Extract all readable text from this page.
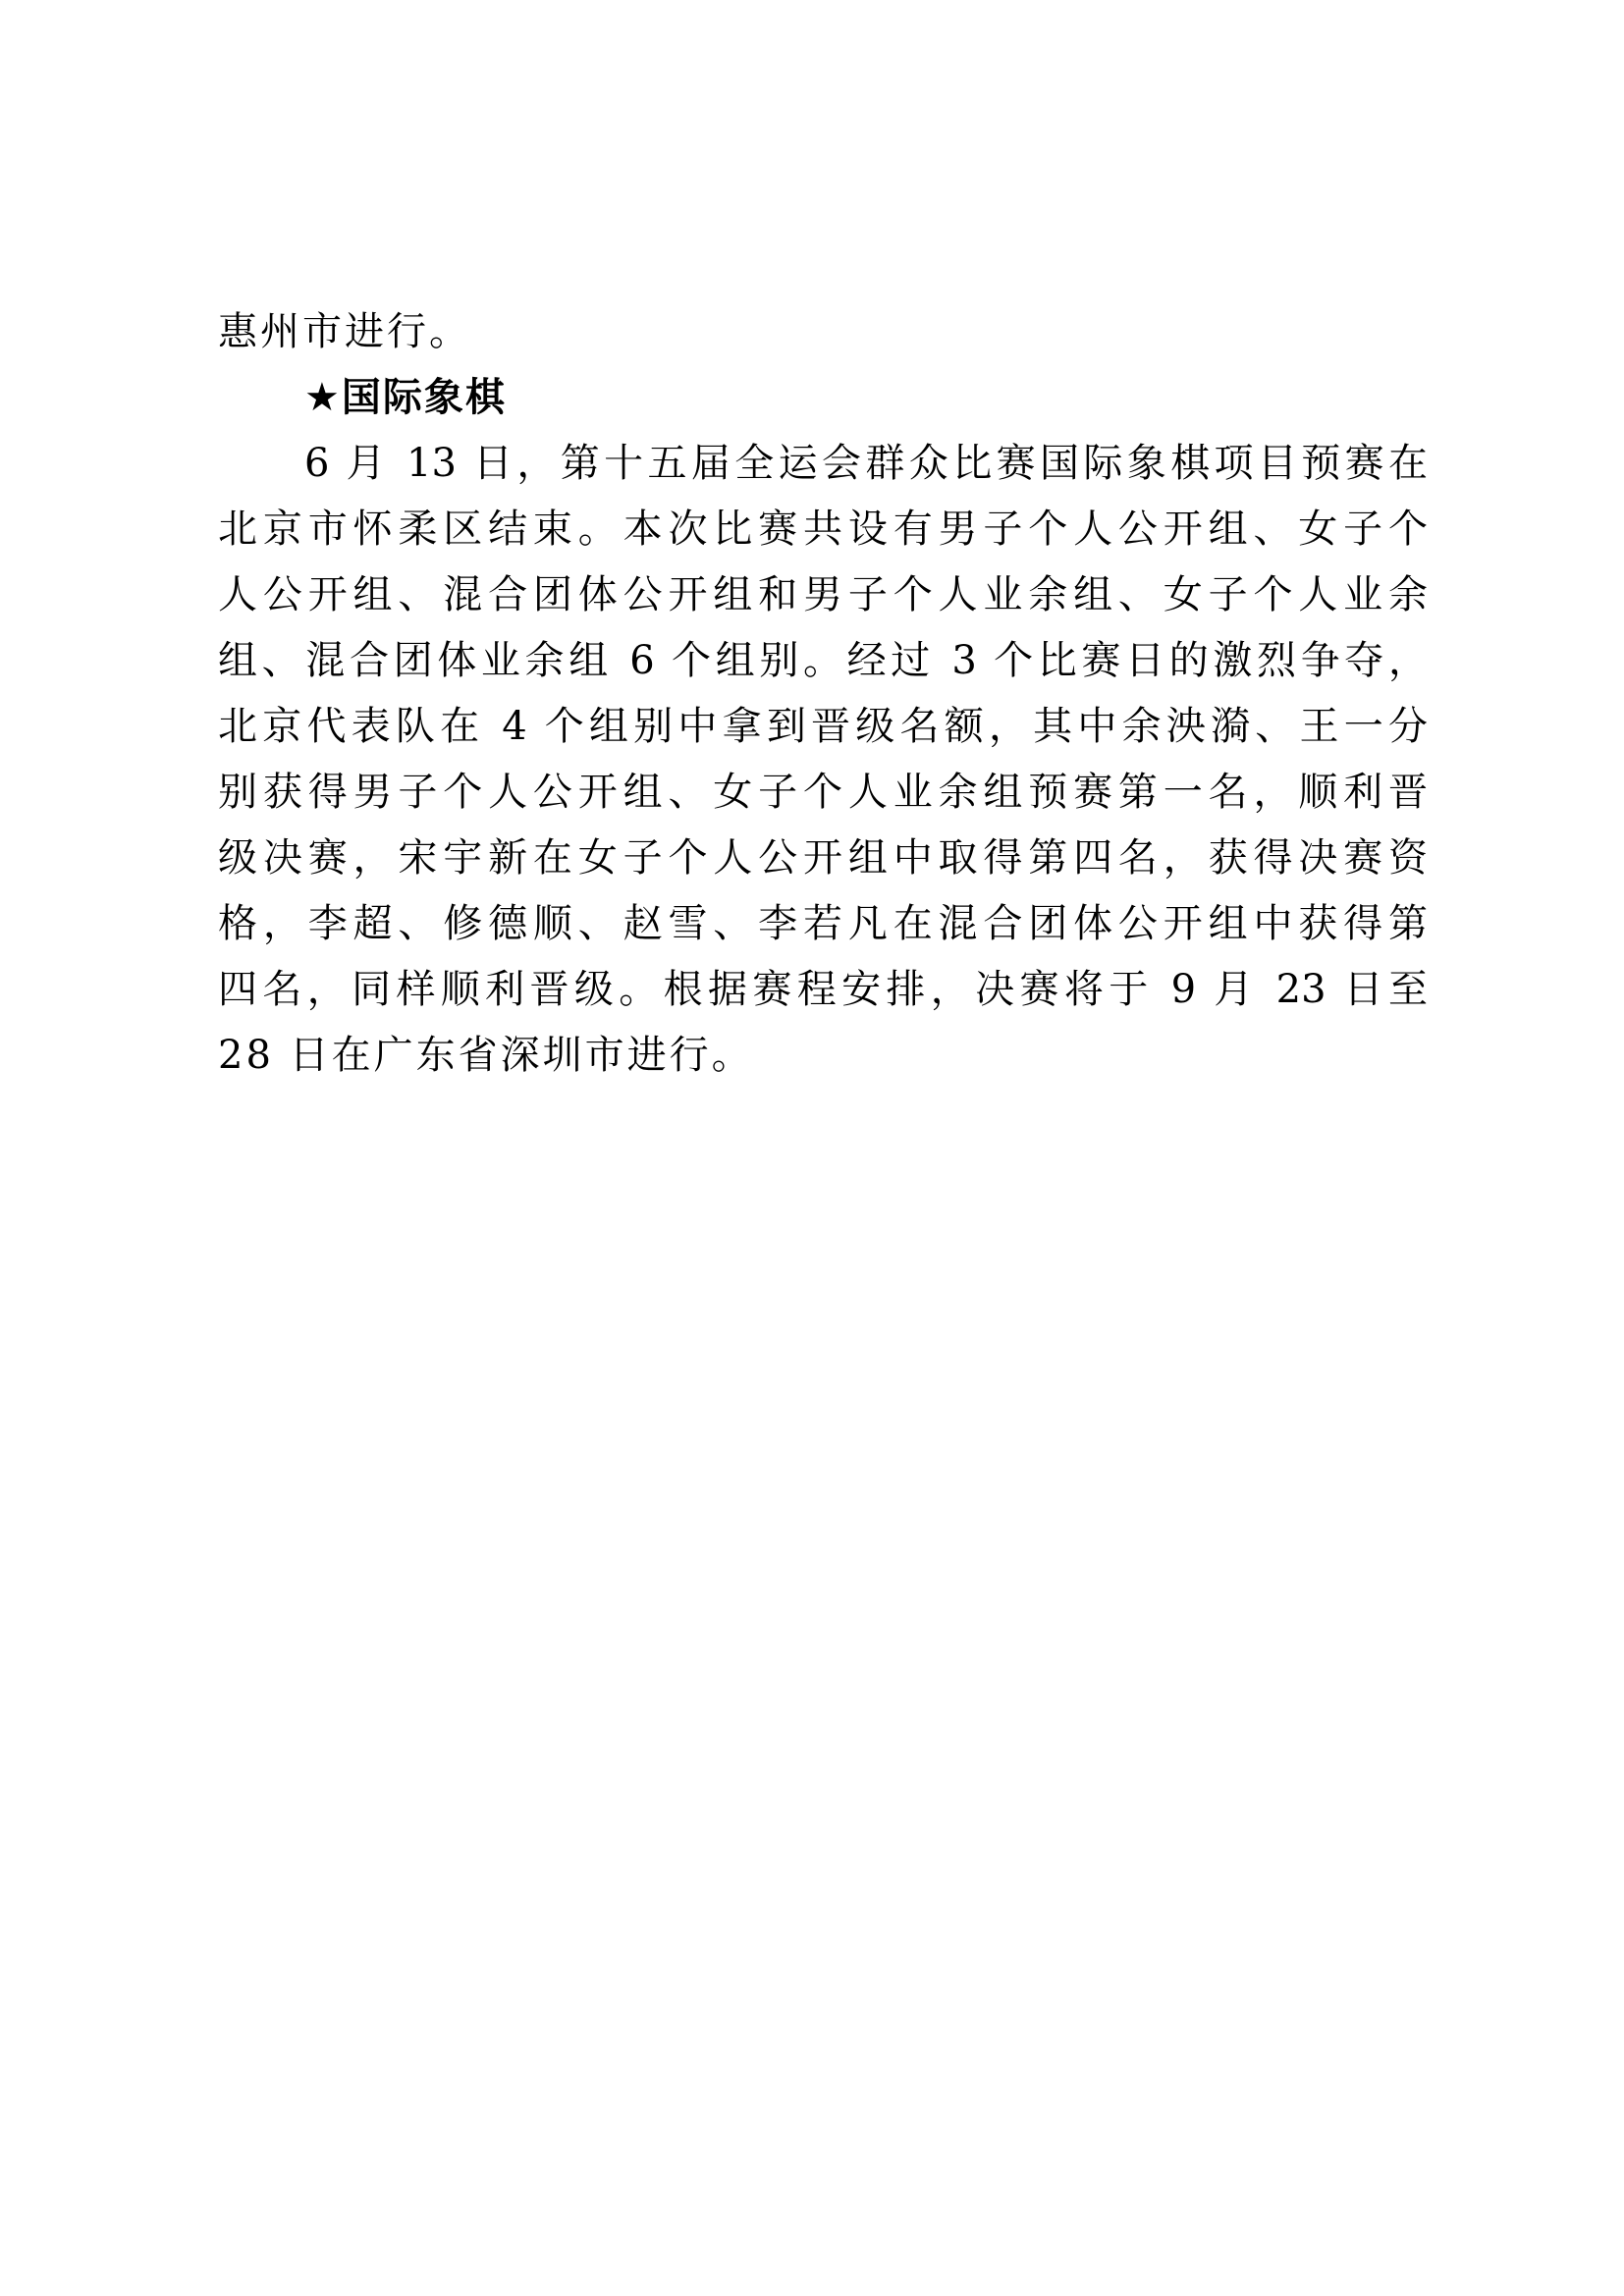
惠州市进行。

★国际象棋

6 月 13 日，第十五届全运会群众比赛国际象棋项目预赛在

北京市怀柔区结束。本次比赛共设有男子个人公开组、女子个

人公开组、混合团体公开组和男子个人业余组、女子个人业余

组、混合团体业余组 6 个组别。经过 3 个比赛日的激烈争夺，

北京代表队在 4 个组别中拿到晋级名额，其中余泱漪、王一分

别获得男子个人公开组、女子个人业余组预赛第一名，顺利晋

级决赛，宋宇新在女子个人公开组中取得第四名，获得决赛资

格，李超、修德顺、赵雪、李若凡在混合团体公开组中获得第

四名，同样顺利晋级。根据赛程安排，决赛将于 9 月 23 日至

28 日在广东省深圳市进行。
